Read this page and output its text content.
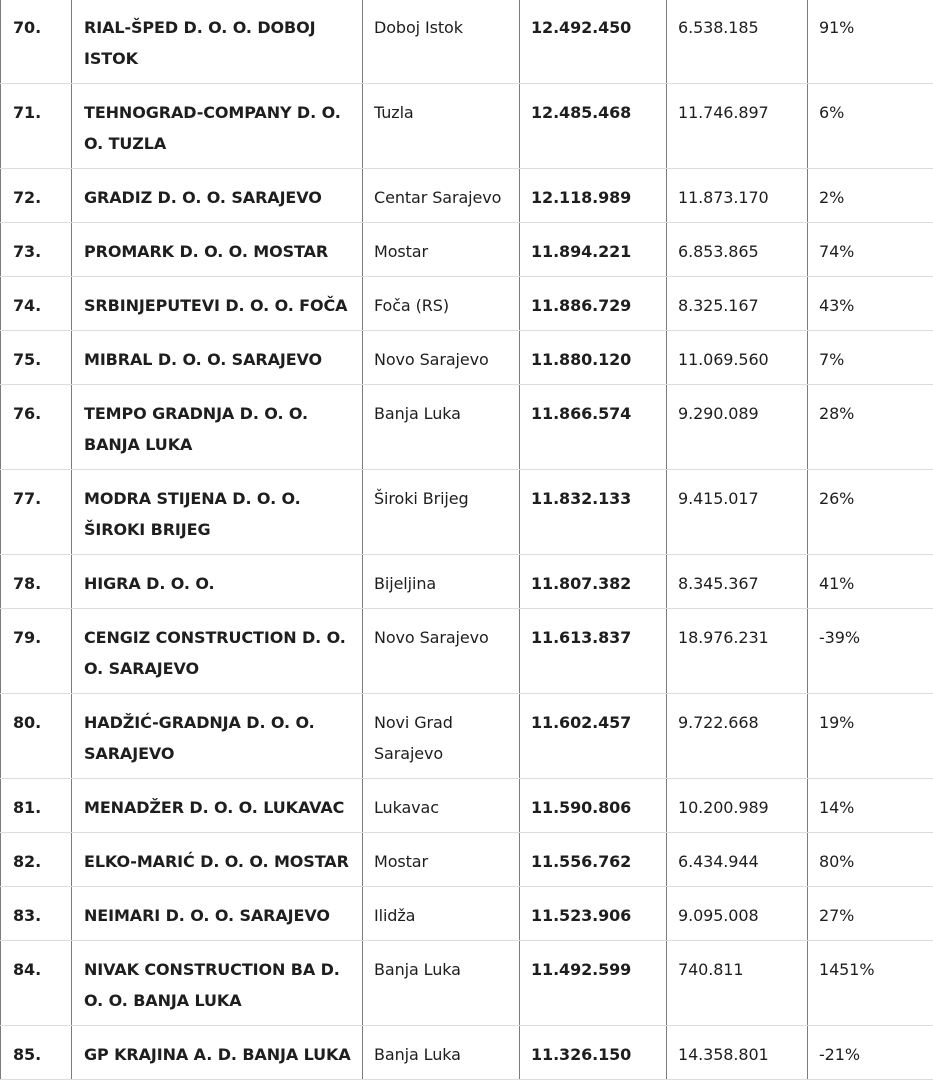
70.	RIAL-ŠPED D. O. O. DOBOJ ISTOK	Doboj Istok	12.492.450	6.538.185	91%
71.	TEHNOGRAD-COMPANY D. O. O. TUZLA	Tuzla	12.485.468	11.746.897	6%
72.	GRADIZ D. O. O. SARAJEVO	Centar Sarajevo	12.118.989	11.873.170	2%
73.	PROMARK D. O. O. MOSTAR	Mostar	11.894.221	6.853.865	74%
74.	SRBINJEPUTEVI D. O. O. FOČA	Foča (RS)	11.886.729	8.325.167	43%
75.	MIBRAL D. O. O. SARAJEVO	Novo Sarajevo	11.880.120	11.069.560	7%
76.	TEMPO GRADNJA D. O. O. BANJA LUKA	Banja Luka	11.866.574	9.290.089	28%
77.	MODRA STIJENA D. O. O. ŠIROKI BRIJEG	Široki Brijeg	11.832.133	9.415.017	26%
78.	HIGRA D. O. O.	Bijeljina	11.807.382	8.345.367	41%
79.	CENGIZ CONSTRUCTION D. O. O. SARAJEVO	Novo Sarajevo	11.613.837	18.976.231	-39%
80.	HADŽIĆ-GRADNJA D. O. O. SARAJEVO	Novi Grad Sarajevo	11.602.457	9.722.668	19%
81.	MENADŽER D. O. O. LUKAVAC	Lukavac	11.590.806	10.200.989	14%
82.	ELKO-MARIĆ D. O. O. MOSTAR	Mostar	11.556.762	6.434.944	80%
83.	NEIMARI D. O. O. SARAJEVO	Ilidža	11.523.906	9.095.008	27%
84.	NIVAK CONSTRUCTION BA D. O. O. BANJA LUKA	Banja Luka	11.492.599	740.811	1451%
85.	GP KRAJINA A. D. BANJA LUKA	Banja Luka	11.326.150	14.358.801	-21%
